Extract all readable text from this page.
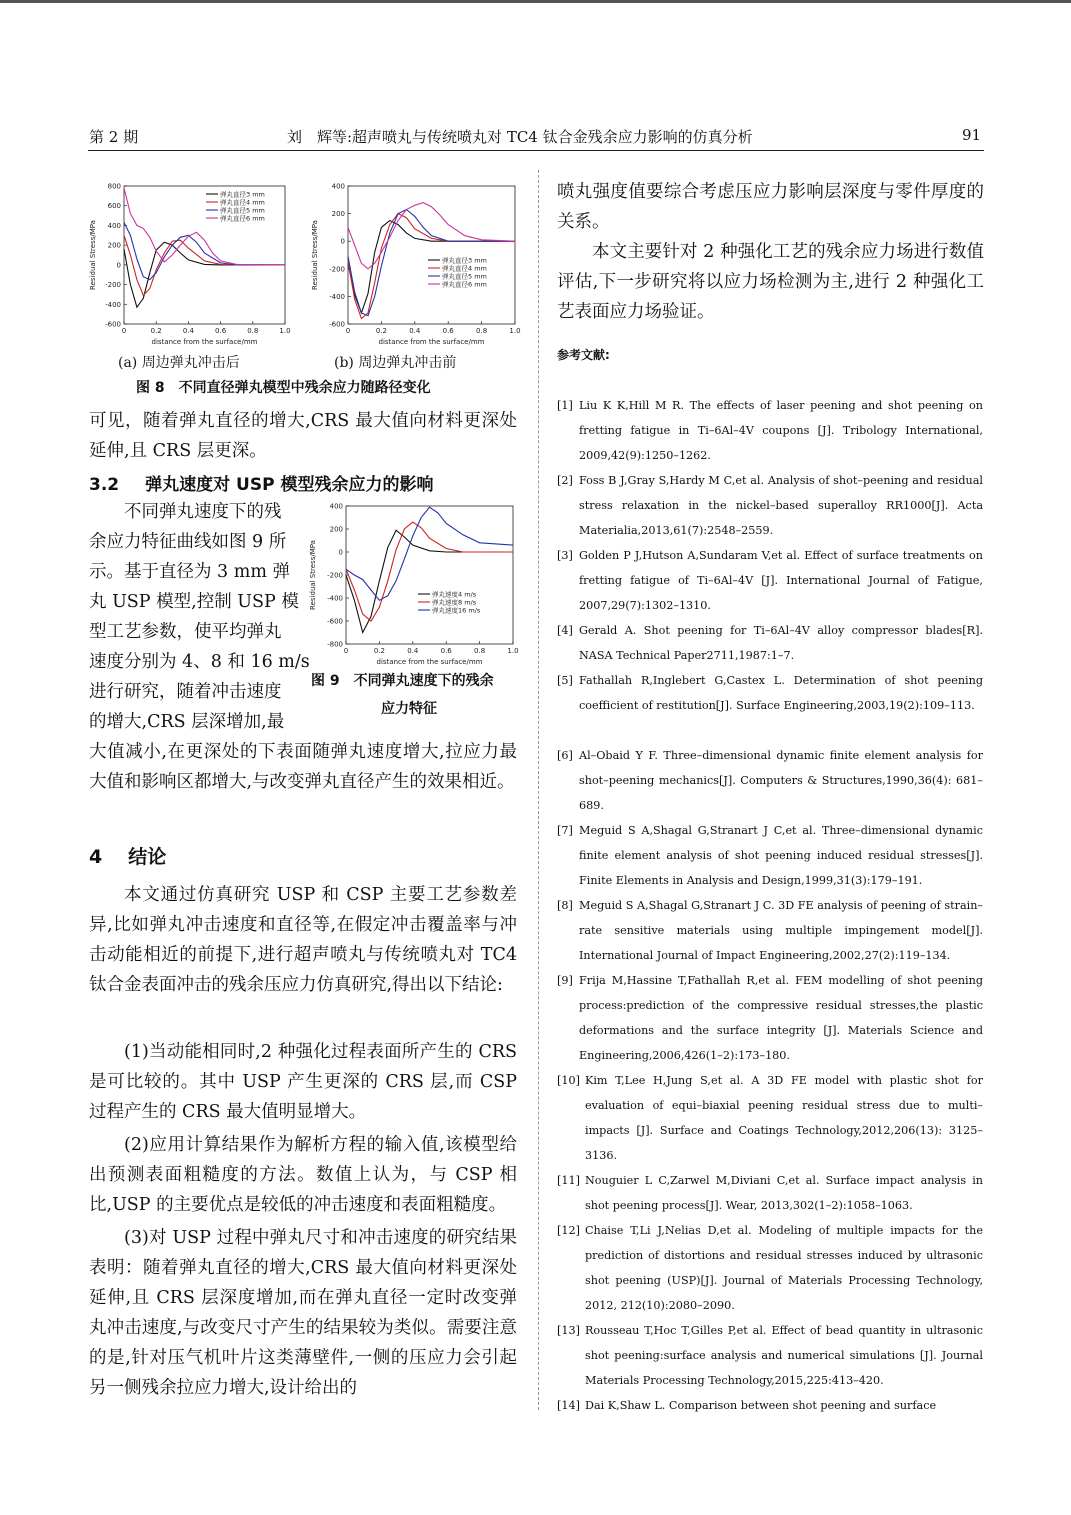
第 2 期	刘　辉等:超声喷丸与传统喷丸对 TC4 钛合金残余应力影响的仿真分析	91
0	0.2	0.4	0.6	0.8	1.0
800
600
400
200
0
-200
-400
-600
distance from the surface/mm
Residual Stress/MPa
弹丸直径3 mm
弹丸直径4 mm
弹丸直径5 mm
弹丸直径6 mm
0	0.2	0.4	0.6	0.8	1.0
400
200
0
-200
-400
-600
distance from the surface/mm
Residual Stress/MPa	弹丸直径3 mm
弹丸直径4 mm
弹丸直径5 mm
弹丸直径6 mm
(a) 周边弹丸冲击后	(b) 周边弹丸冲击前
图 8　不同直径弹丸模型中残余应力随路径变化
可见，随着弹丸直径的增大,CRS 最大值向材料更深处延伸,且 CRS 层更深。
3.2 弹丸速度对 USP 模型残余应力的影响
不同弹丸速度下的残
余应力特征曲线如图 9 所
示。基于直径为 3 mm 弹
丸 USP 模型,控制 USP 模
型工艺参数，使平均弹丸
速度分别为 4、8 和 16 m/s
进行研究，随着冲击速度
的增大,CRS 层深增加,最
大值减小,在更深处的下表面随弹丸速度增大,拉应力最大值和影响区都增大,与改变弹丸直径产生的效果相近。
4 结论
本文通过仿真研究 USP 和 CSP 主要工艺参数差异,比如弹丸冲击速度和直径等,在假定冲击覆盖率与冲击动能相近的前提下,进行超声喷丸与传统喷丸对 TC4 钛合金表面冲击的残余压应力仿真研究,得出以下结论:
(1)当动能相同时,2 种强化过程表面所产生的 CRS 是可比较的。其中 USP 产生更深的 CRS 层,而 CSP 过程产生的 CRS 最大值明显增大。
(2)应用计算结果作为解析方程的输入值,该模型给出预测表面粗糙度的方法。数值上认为，与 CSP 相比,USP 的主要优点是较低的冲击速度和表面粗糙度。
(3)对 USP 过程中弹丸尺寸和冲击速度的研究结果表明：随着弹丸直径的增大,CRS 最大值向材料更深处延伸,且 CRS 层深度增加,而在弹丸直径一定时改变弹丸冲击速度,与改变尺寸产生的结果较为类似。需要注意的是,针对压气机叶片这类薄壁件,一侧的压应力会引起另一侧残余拉应力增大,设计给出的
0	0.2	0.4	0.6	0.8	1.0
400
200
0
-200
-400
-600
-800
distance from the surface/mm
Residual Stress/MPa	弹丸速度4 m/s
弹丸速度8 m/s
弹丸速度16 m/s
图 9　不同弹丸速度下的残余
应力特征
喷丸强度值要综合考虑压应力影响层深度与零件厚度的关系。
本文主要针对 2 种强化工艺的残余应力场进行数值评估,下一步研究将以应力场检测为主,进行 2 种强化工艺表面应力场验证。
参考文献:
[1] Liu K K,Hill M R. The effects of laser peening and shot peening on fretting fatigue in Ti–6Al–4V coupons [J]. Tribology International, 2009,42(9):1250–1262.
[2] Foss B J,Gray S,Hardy M C,et al. Analysis of shot–peening and residual stress relaxation in the nickel–based superalloy RR1000[J]. Acta Materialia,2013,61(7):2548–2559.
[3] Golden P J,Hutson A,Sundaram V,et al. Effect of surface treatments on fretting fatigue of Ti–6Al–4V [J]. International Journal of Fatigue, 2007,29(7):1302–1310.
[4] Gerald A. Shot peening for Ti–6Al–4V alloy compressor blades[R]. NASA Technical Paper2711,1987:1–7.
[5] Fathallah R,Inglebert G,Castex L. Determination of shot peening coefficient of restitution[J]. Surface Engineering,2003,19(2):109–113.
[6] Al–Obaid Y F. Three–dimensional dynamic finite element analysis for shot–peening mechanics[J]. Computers & Structures,1990,36(4): 681–689.
[7] Meguid S A,Shagal G,Stranart J C,et al. Three–dimensional dynamic finite element analysis of shot peening induced residual stresses[J]. Finite Elements in Analysis and Design,1999,31(3):179–191.
[8] Meguid S A,Shagal G,Stranart J C. 3D FE analysis of peening of strain–rate sensitive materials using multiple impingement model[J]. International Journal of Impact Engineering,2002,27(2):119–134.
[9] Frija M,Hassine T,Fathallah R,et al. FEM modelling of shot peening process:prediction of the compressive residual stresses,the plastic deformations and the surface integrity [J]. Materials Science and Engineering,2006,426(1–2):173–180.
[10] Kim T,Lee H,Jung S,et al. A 3D FE model with plastic shot for evaluation of equi–biaxial peening residual stress due to multi–impacts [J]. Surface and Coatings Technology,2012,206(13): 3125–3136.
[11] Nouguier L C,Zarwel M,Diviani C,et al. Surface impact analysis in shot peening process[J]. Wear, 2013,302(1–2):1058–1063.
[12] Chaise T,Li J,Nelias D,et al. Modeling of multiple impacts for the prediction of distortions and residual stresses induced by ultrasonic shot peening (USP)[J]. Journal of Materials Processing Technology, 2012, 212(10):2080–2090.
[13] Rousseau T,Hoc T,Gilles P,et al. Effect of bead quantity in ultrasonic shot peening:surface analysis and numerical simulations [J]. Journal Materials Processing Technology,2015,225:413–420.
[14] Dai K,Shaw L. Comparison between shot peening and surface
